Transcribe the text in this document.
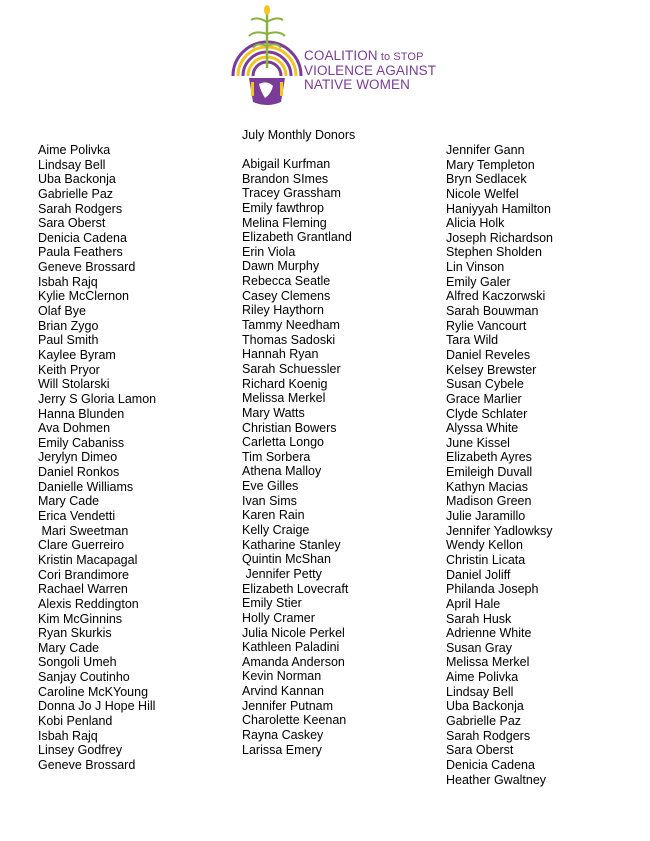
COALITION to STOP
VIOLENCE AGAINST
NATIVE WOMEN
July Monthly Donors
Aime Polivka
Lindsay Bell
Uba Backonja
Gabrielle Paz
Sarah Rodgers
Sara Oberst
Denicia Cadena
Paula Feathers
Geneve Brossard
Isbah Rajq
Kylie McClernon
Olaf Bye
Brian Zygo
Paul Smith
Kaylee Byram
Keith Pryor
Will Stolarski
Jerry S Gloria Lamon
Hanna Blunden
Ava Dohmen
Emily Cabaniss
Jerylyn Dimeo
Daniel Ronkos
Danielle Williams
Mary Cade
Erica Vendetti
Mari Sweetman
Clare Guerreiro
Kristin Macapagal
Cori Brandimore
Rachael Warren
Alexis Reddington
Kim McGinnins
Ryan Skurkis
Mary Cade
Songoli Umeh
Sanjay Coutinho
Caroline McKYoung
Donna Jo J Hope Hill
Kobi Penland
Isbah Rajq
Linsey Godfrey
Geneve Brossard
Abigail Kurfman
Brandon SImes
Tracey Grassham
Emily fawthrop
Melina Fleming
Elizabeth Grantland
Erin Viola
Dawn Murphy
Rebecca Seatle
Casey Clemens
Riley Haythorn
Tammy Needham
Thomas Sadoski
Hannah Ryan
Sarah Schuessler
Richard Koenig
Melissa Merkel
Mary Watts
Christian Bowers
Carletta Longo
Tim Sorbera
Athena Malloy
Eve Gilles
Ivan Sims
Karen Rain
Kelly Craige
Katharine Stanley
Quintin McShan
Jennifer Petty
Elizabeth Lovecraft
Emily Stier
Holly Cramer
Julia Nicole Perkel
Kathleen Paladini
Amanda Anderson
Kevin Norman
Arvind Kannan
Jennifer Putnam
Charolette Keenan
Rayna Caskey
Larissa Emery
Jennifer Gann
Mary Templeton
Bryn Sedlacek
Nicole Welfel
Haniyyah Hamilton
Alicia Holk
Joseph Richardson
Stephen Sholden
Lin Vinson
Emily Galer
Alfred Kaczorwski
Sarah Bouwman
Rylie Vancourt
Tara Wild
Daniel Reveles
Kelsey Brewster
Susan Cybele
Grace Marlier
Clyde Schlater
Alyssa White
June Kissel
Elizabeth Ayres
Emileigh Duvall
Kathyn Macias
Madison Green
Julie Jaramillo
Jennifer Yadlowksy
Wendy Kellon
Christin Licata
Daniel Joliff
Philanda Joseph
April Hale
Sarah Husk
Adrienne White
Susan Gray
Melissa Merkel
Aime Polivka
Lindsay Bell
Uba Backonja
Gabrielle Paz
Sarah Rodgers
Sara Oberst
Denicia Cadena
Heather Gwaltney
